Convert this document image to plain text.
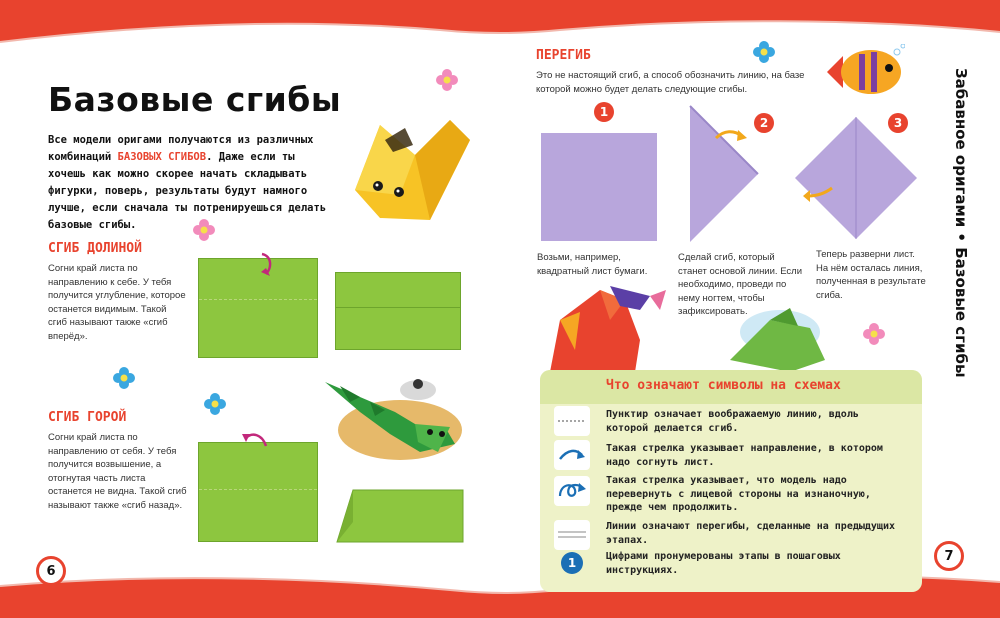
Базовые сгибы
Все модели оригами получаются из различных комбинаций БАЗОВЫХ СГИБОВ. Даже если ты хочешь как можно скорее начать складывать фигурки, поверь, результаты будут намного лучше, если сначала ты потренируешься делать базовые сгибы.
СГИБ ДОЛИНОЙ
Согни край листа по направлению к себе. У тебя получится углубление, которое останется видимым. Такой сгиб называют также «сгиб вперёд».
СГИБ ГОРОЙ
Согни край листа по направлению от себя. У тебя получится возвышение, а отогнутая часть листа останется не видна. Такой сгиб называют также «сгиб назад».
6
ПЕРЕГИБ
Это не настоящий сгиб, а способ обозначить линию, на базе которой можно будет делать следующие сгибы.
1
Возьми, например, квадратный лист бумаги.
2
Сделай сгиб, который станет основой линии. Если необходимо, проведи по нему ногтем, чтобы зафиксировать.
3
Теперь разверни лист. На нём осталась линия, полученная в результате сгиба.	Забавное оригами • Базовые сгибы
Что означают символы на схемах
Пунктир означает воображаемую линию, вдоль которой делается сгиб.
Такая стрелка указывает направление, в котором надо согнуть лист.
Такая стрелка указывает, что модель надо перевернуть с лицевой стороны на изнаночную, прежде чем продолжить.
Линии означают перегибы, сделанные на предыдущих этапах.
1	Цифрами пронумерованы этапы в пошаговых инструкциях.
7
